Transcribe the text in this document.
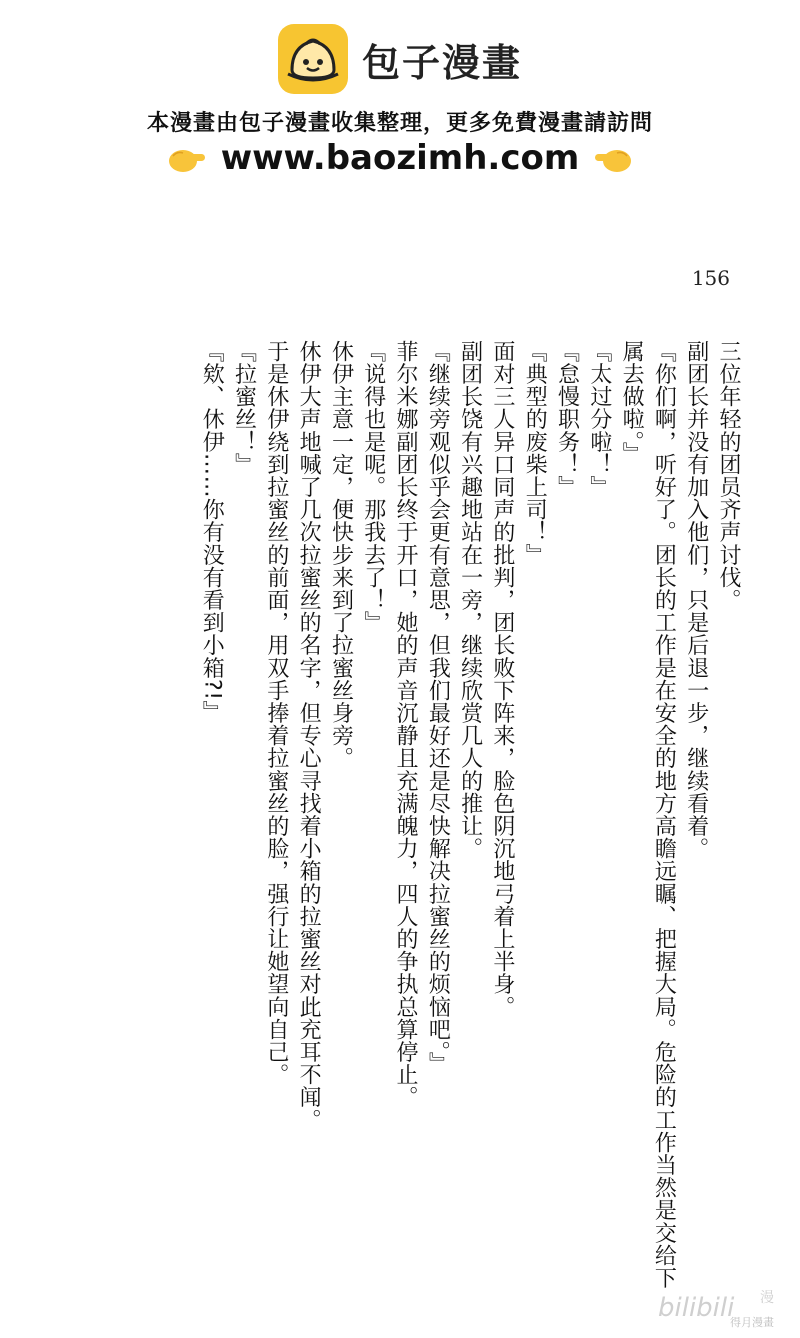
包子漫畫
本漫畫由包子漫畫收集整理，更多免費漫畫請訪問
www.baozimh.com
156

三位年轻的团员齐声讨伐。

副团长并没有加入他们，只是后退一步，继续看着。

『你们啊，听好了。团长的工作是在安全的地方高瞻远瞩、把握大局。危险的工作当然是交给下属去做啦。』

『太过分啦！』

『怠慢职务！』

『典型的废柴上司！』

面对三人异口同声的批判，团长败下阵来，脸色阴沉地弓着上半身。

副团长饶有兴趣地站在一旁，继续欣赏几人的推让。

『继续旁观似乎会更有意思，但我们最好还是尽快解决拉蜜丝的烦恼吧。』

菲尔米娜副团长终于开口，她的声音沉静且充满魄力，四人的争执总算停止。

『说得也是呢。那我去了！』

休伊主意一定，便快步来到了拉蜜丝身旁。

休伊大声地喊了几次拉蜜丝的名字，但专心寻找着小箱的拉蜜丝对此充耳不闻。

于是休伊绕到拉蜜丝的前面，用双手捧着拉蜜丝的脸，强行让她望向自己。

『拉蜜丝！』

『欸、休伊……你有没有看到小箱?!』

bilibili 漫
得月漫畫
